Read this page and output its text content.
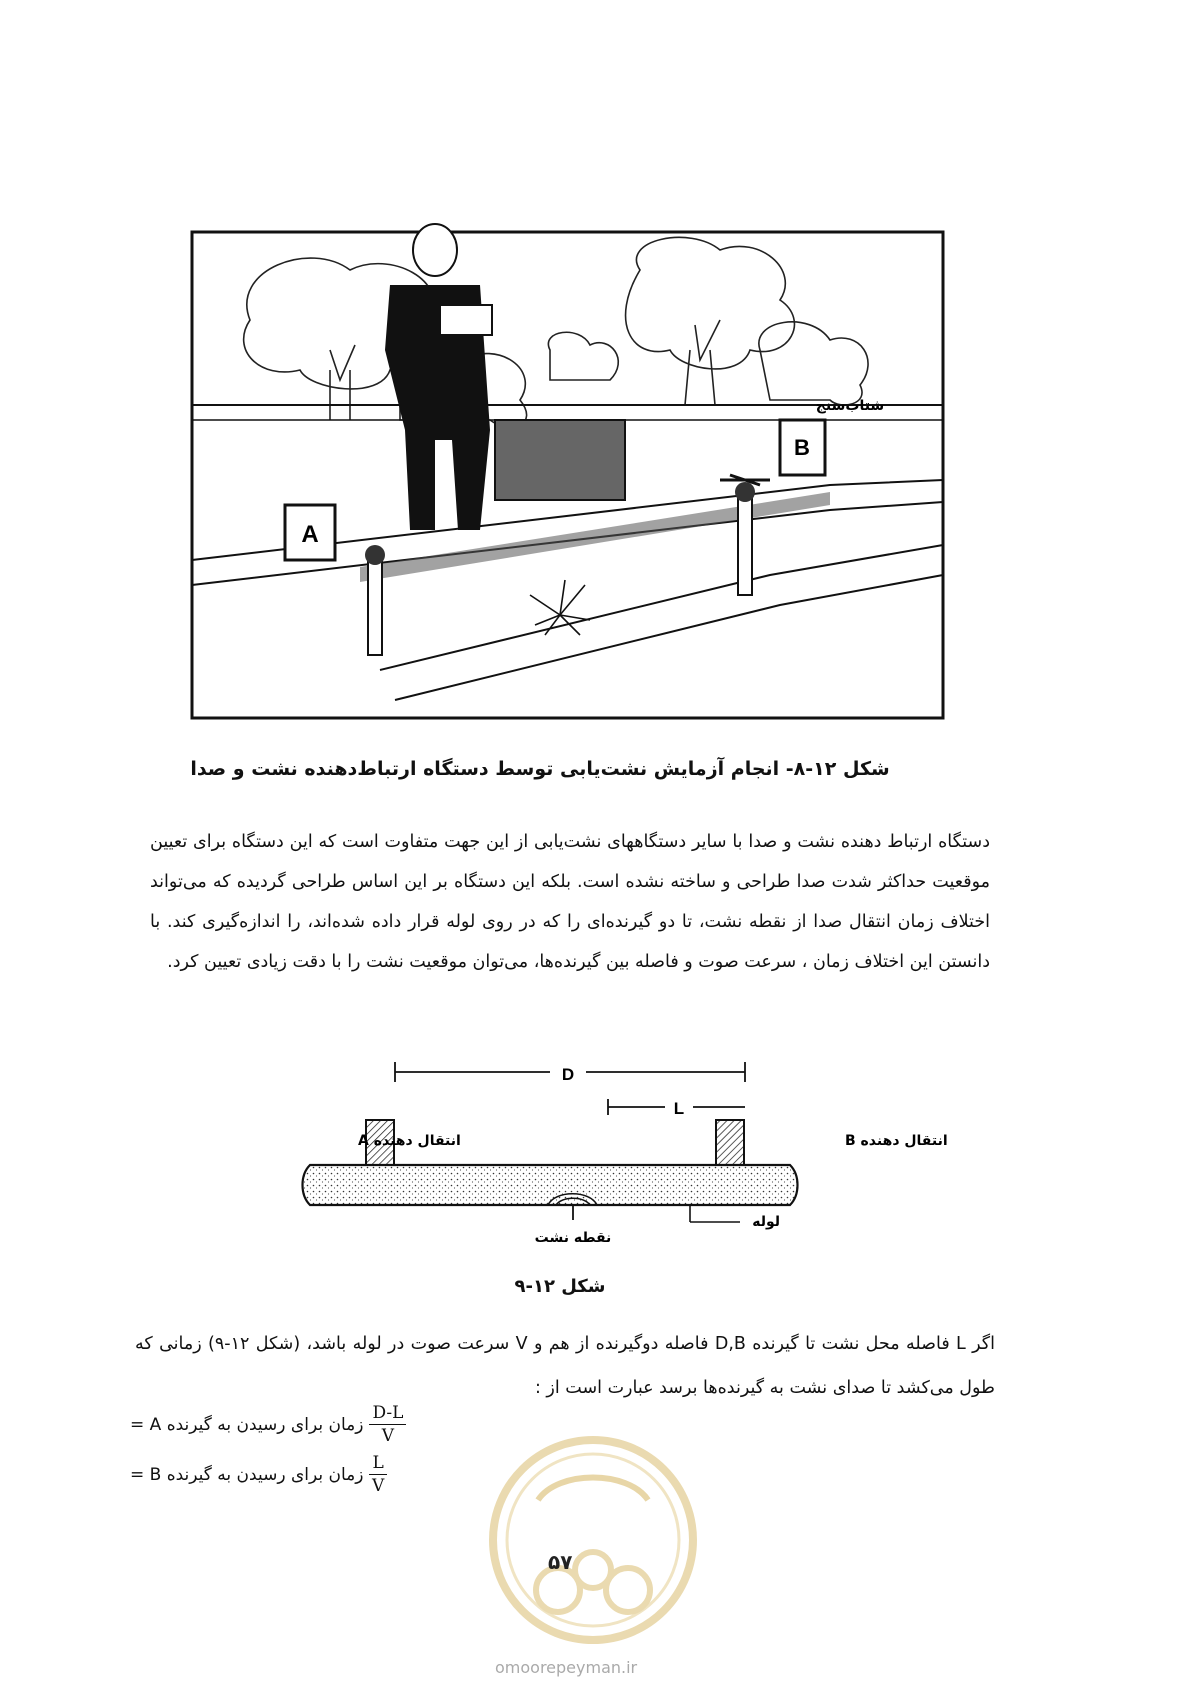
A
B
شتاب‌سنج
شکل ۱۲-۸- انجام آزمایش نشت‌یابی توسط دستگاه ارتباط‌دهنده نشت و صدا
دستگاه ارتباط دهنده نشت و صدا با سایر دستگاههای نشت‌یابی از این جهت متفاوت است که این دستگاه برای تعیین موقعیت حداکثر شدت صدا طراحی و ساخته نشده است. بلکه این دستگاه بر این اساس طراحی گردیده که می‌تواند اختلاف زمان انتقال صدا از نقطه نشت، تا دو گیرنده‌ای را که در روی لوله قرار داده شده‌اند، را اندازه‌گیری کند. با دانستن این اختلاف زمان ، سرعت صوت و فاصله بین گیرنده‌ها، می‌توان موقعیت نشت را با دقت زیادی تعیین کرد.
D
L
انتقال دهنده A	انتقال دهنده B
نقطه نشت
لوله
شکل ۱۲-۹
اگر L فاصله محل نشت تا گیرنده D,B فاصله دوگیرنده از هم و V سرعت صوت در لوله باشد، (شکل ۱۲-۹) زمانی که طول می‌کشد تا صدای نشت به گیرنده‌ها برسد عبارت است از :
زمان برای رسیدن به گیرنده $A = \frac{D-L}{V}$
زمان برای رسیدن به گیرنده $B = \frac{L}{V}$
۵۷
omoorepeyman.ir
